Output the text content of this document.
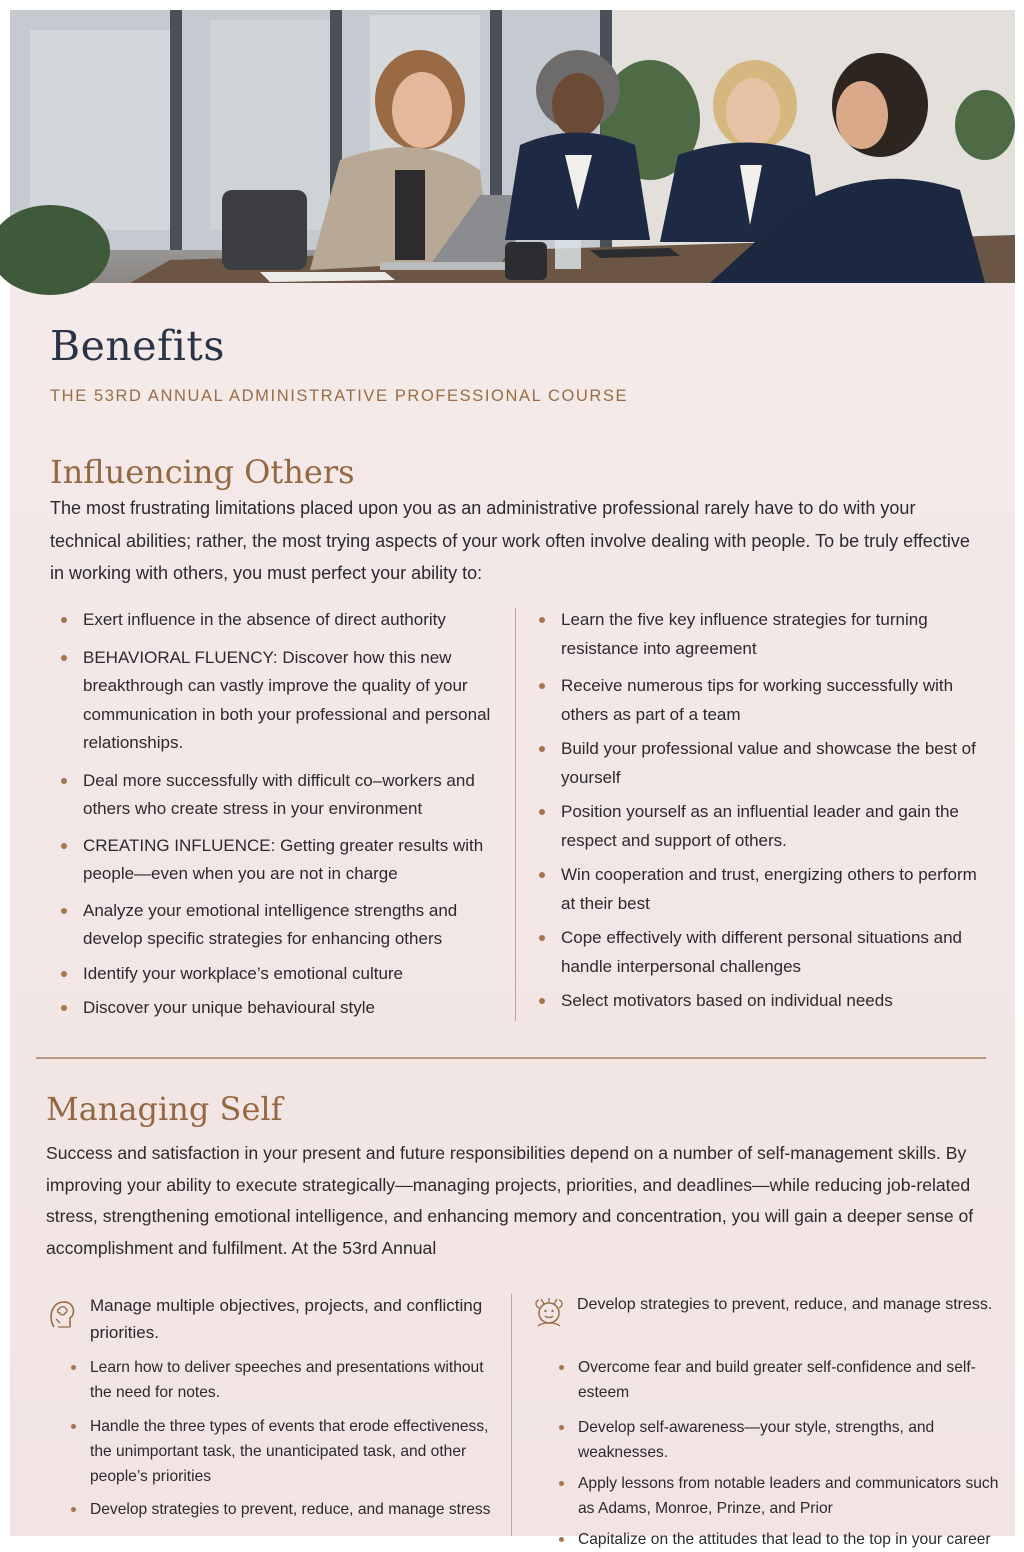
Benefits
THE 53RD ANNUAL ADMINISTRATIVE PROFESSIONAL COURSE
Influencing Others
The most frustrating limitations placed upon you as an administrative professional rarely have to do with your technical abilities; rather, the most trying aspects of your work often involve dealing with people. To be truly effective in working with others, you must perfect your ability to:
Exert influence in the absence of direct authority
BEHAVIORAL FLUENCY: Discover how this new breakthrough can vastly improve the quality of your communication in both your professional and personal relationships.
Deal more successfully with difficult co–workers and others who create stress in your environment
CREATING INFLUENCE: Getting greater results with people—even when you are not in charge
Analyze your emotional intelligence strengths and develop specific strategies for enhancing others
Identify your workplace’s emotional culture
Discover your unique behavioural style
Learn the five key influence strategies for turning resistance into agreement
Receive numerous tips for working successfully with others as part of a team
Build your professional value and showcase the best of yourself
Position yourself as an influential leader and gain the respect and support of others.
Win cooperation and trust, energizing others to perform at their best
Cope effectively with different personal situations and handle interpersonal challenges
Select motivators based on individual needs
Managing Self
Success and satisfaction in your present and future responsibilities depend on a number of self-management skills. By improving your ability to execute strategically—managing projects, priorities, and deadlines—while reducing job-related stress, strengthening emotional intelligence, and enhancing memory and concentration, you will gain a deeper sense of accomplishment and fulfilment. At the 53rd Annual
Manage multiple objectives, projects, and conflicting priorities.
Learn how to deliver speeches and presentations without the need for notes.
Handle the three types of events that erode effectiveness, the unimportant task, the unanticipated task, and other people’s priorities
Develop strategies to prevent, reduce, and manage stress
Develop strategies to prevent, reduce, and manage stress.
Overcome fear and build greater self-confidence and self-esteem
Develop self-awareness—your style, strengths, and weaknesses.
Apply lessons from notable leaders and communicators such as Adams, Monroe, Prinze, and Prior
Capitalize on the attitudes that lead to the top in your career
